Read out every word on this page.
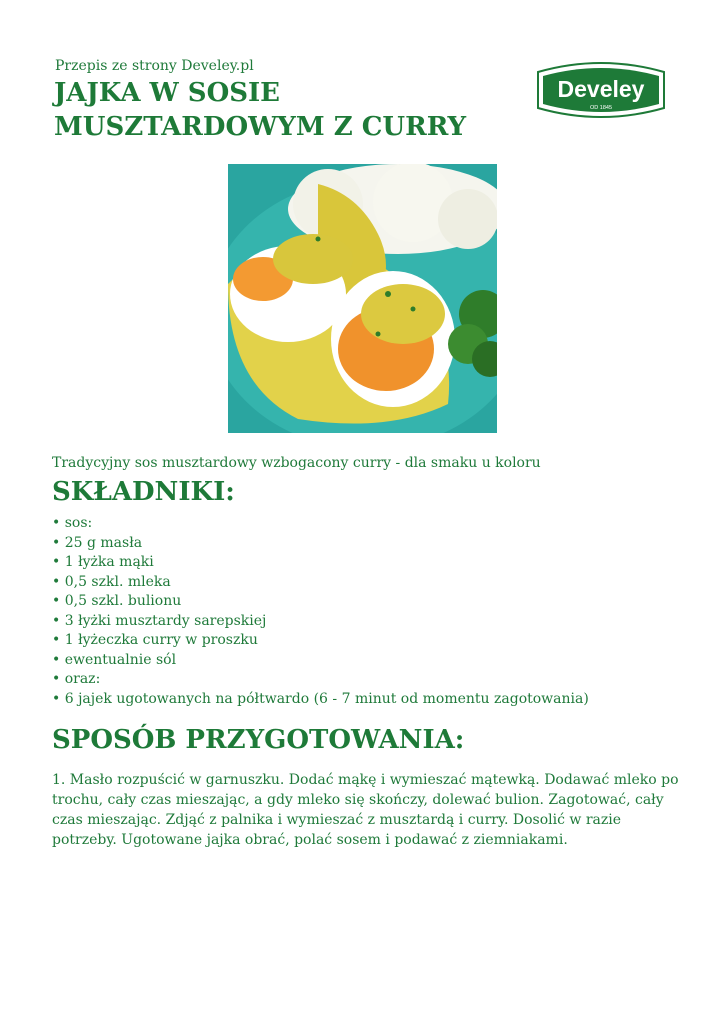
Przepis ze strony Develey.pl
JAJKA W SOSIE
MUSZTARDOWYM Z CURRY
Develey
OD 1845
Tradycyjny sos musztardowy wzbogacony curry - dla smaku u koloru
SKŁADNIKI:
• sos:
• 25 g masła
• 1 łyżka mąki
• 0,5 szkl. mleka
• 0,5 szkl. bulionu
• 3 łyżki musztardy sarepskiej
• 1 łyżeczka curry w proszku
• ewentualnie sól
• oraz:
• 6 jajek ugotowanych na półtwardo (6 - 7 minut od momentu zagotowania)
SPOSÓB PRZYGOTOWANIA:

1. Masło rozpuścić w garnuszku. Dodać mąkę i wymieszać mątewką. Dodawać mleko po trochu, cały czas mieszając, a gdy mleko się skończy, dolewać bulion. Zagotować, cały czas mieszając. Zdjąć z palnika i wymieszać z musztardą i curry. Dosolić w razie potrzeby. Ugotowane jajka obrać, polać sosem i podawać z ziemniakami.
